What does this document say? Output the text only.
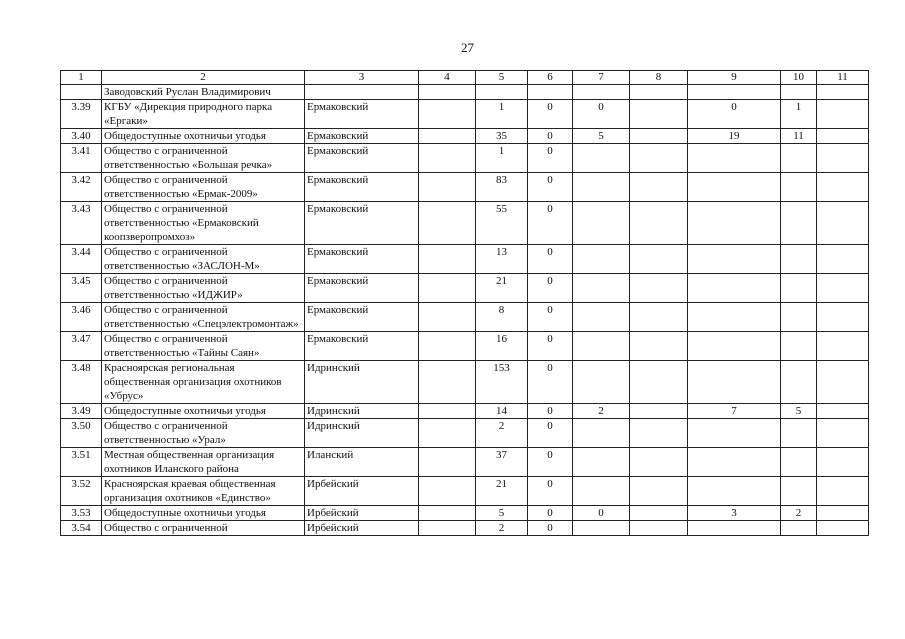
27
1	2	3	4	5	6	7	8	9	10	11
	Заводовский Руслан Владимирович									
3.39	КГБУ «Дирекция природного парка «Ергаки»	Ермаковский		1	0	0		0	1	
3.40	Общедоступные охотничьи угодья	Ермаковский		35	0	5		19	11	
3.41	Общество с ограниченной ответственностью «Большая речка»	Ермаковский		1	0					
3.42	Общество с ограниченной ответственностью «Ермак-2009»	Ермаковский		83	0					
3.43	Общество с ограниченной ответственностью «Ермаковский коопзверопромхоз»	Ермаковский		55	0					
3.44	Общество с ограниченной ответственностью «ЗАСЛОН-М»	Ермаковский		13	0					
3.45	Общество с ограниченной ответственностью «ИДЖИР»	Ермаковский		21	0					
3.46	Общество с ограниченной ответственностью «Спецэлектромонтаж»	Ермаковский		8	0					
3.47	Общество с ограниченной ответственностью «Тайны Саян»	Ермаковский		16	0					
3.48	Красноярская региональная общественная организация охотников «Убрус»	Идринский		153	0					
3.49	Общедоступные охотничьи угодья	Идринский		14	0	2		7	5	
3.50	Общество с ограниченной ответственностью «Урал»	Идринский		2	0					
3.51	Местная общественная организация охотников Иланского района	Иланский		37	0					
3.52	Красноярская краевая общественная организация охотников «Единство»	Ирбейский		21	0					
3.53	Общедоступные охотничьи угодья	Ирбейский		5	0	0		3	2	
3.54	Общество с ограниченной	Ирбейский		2	0					
